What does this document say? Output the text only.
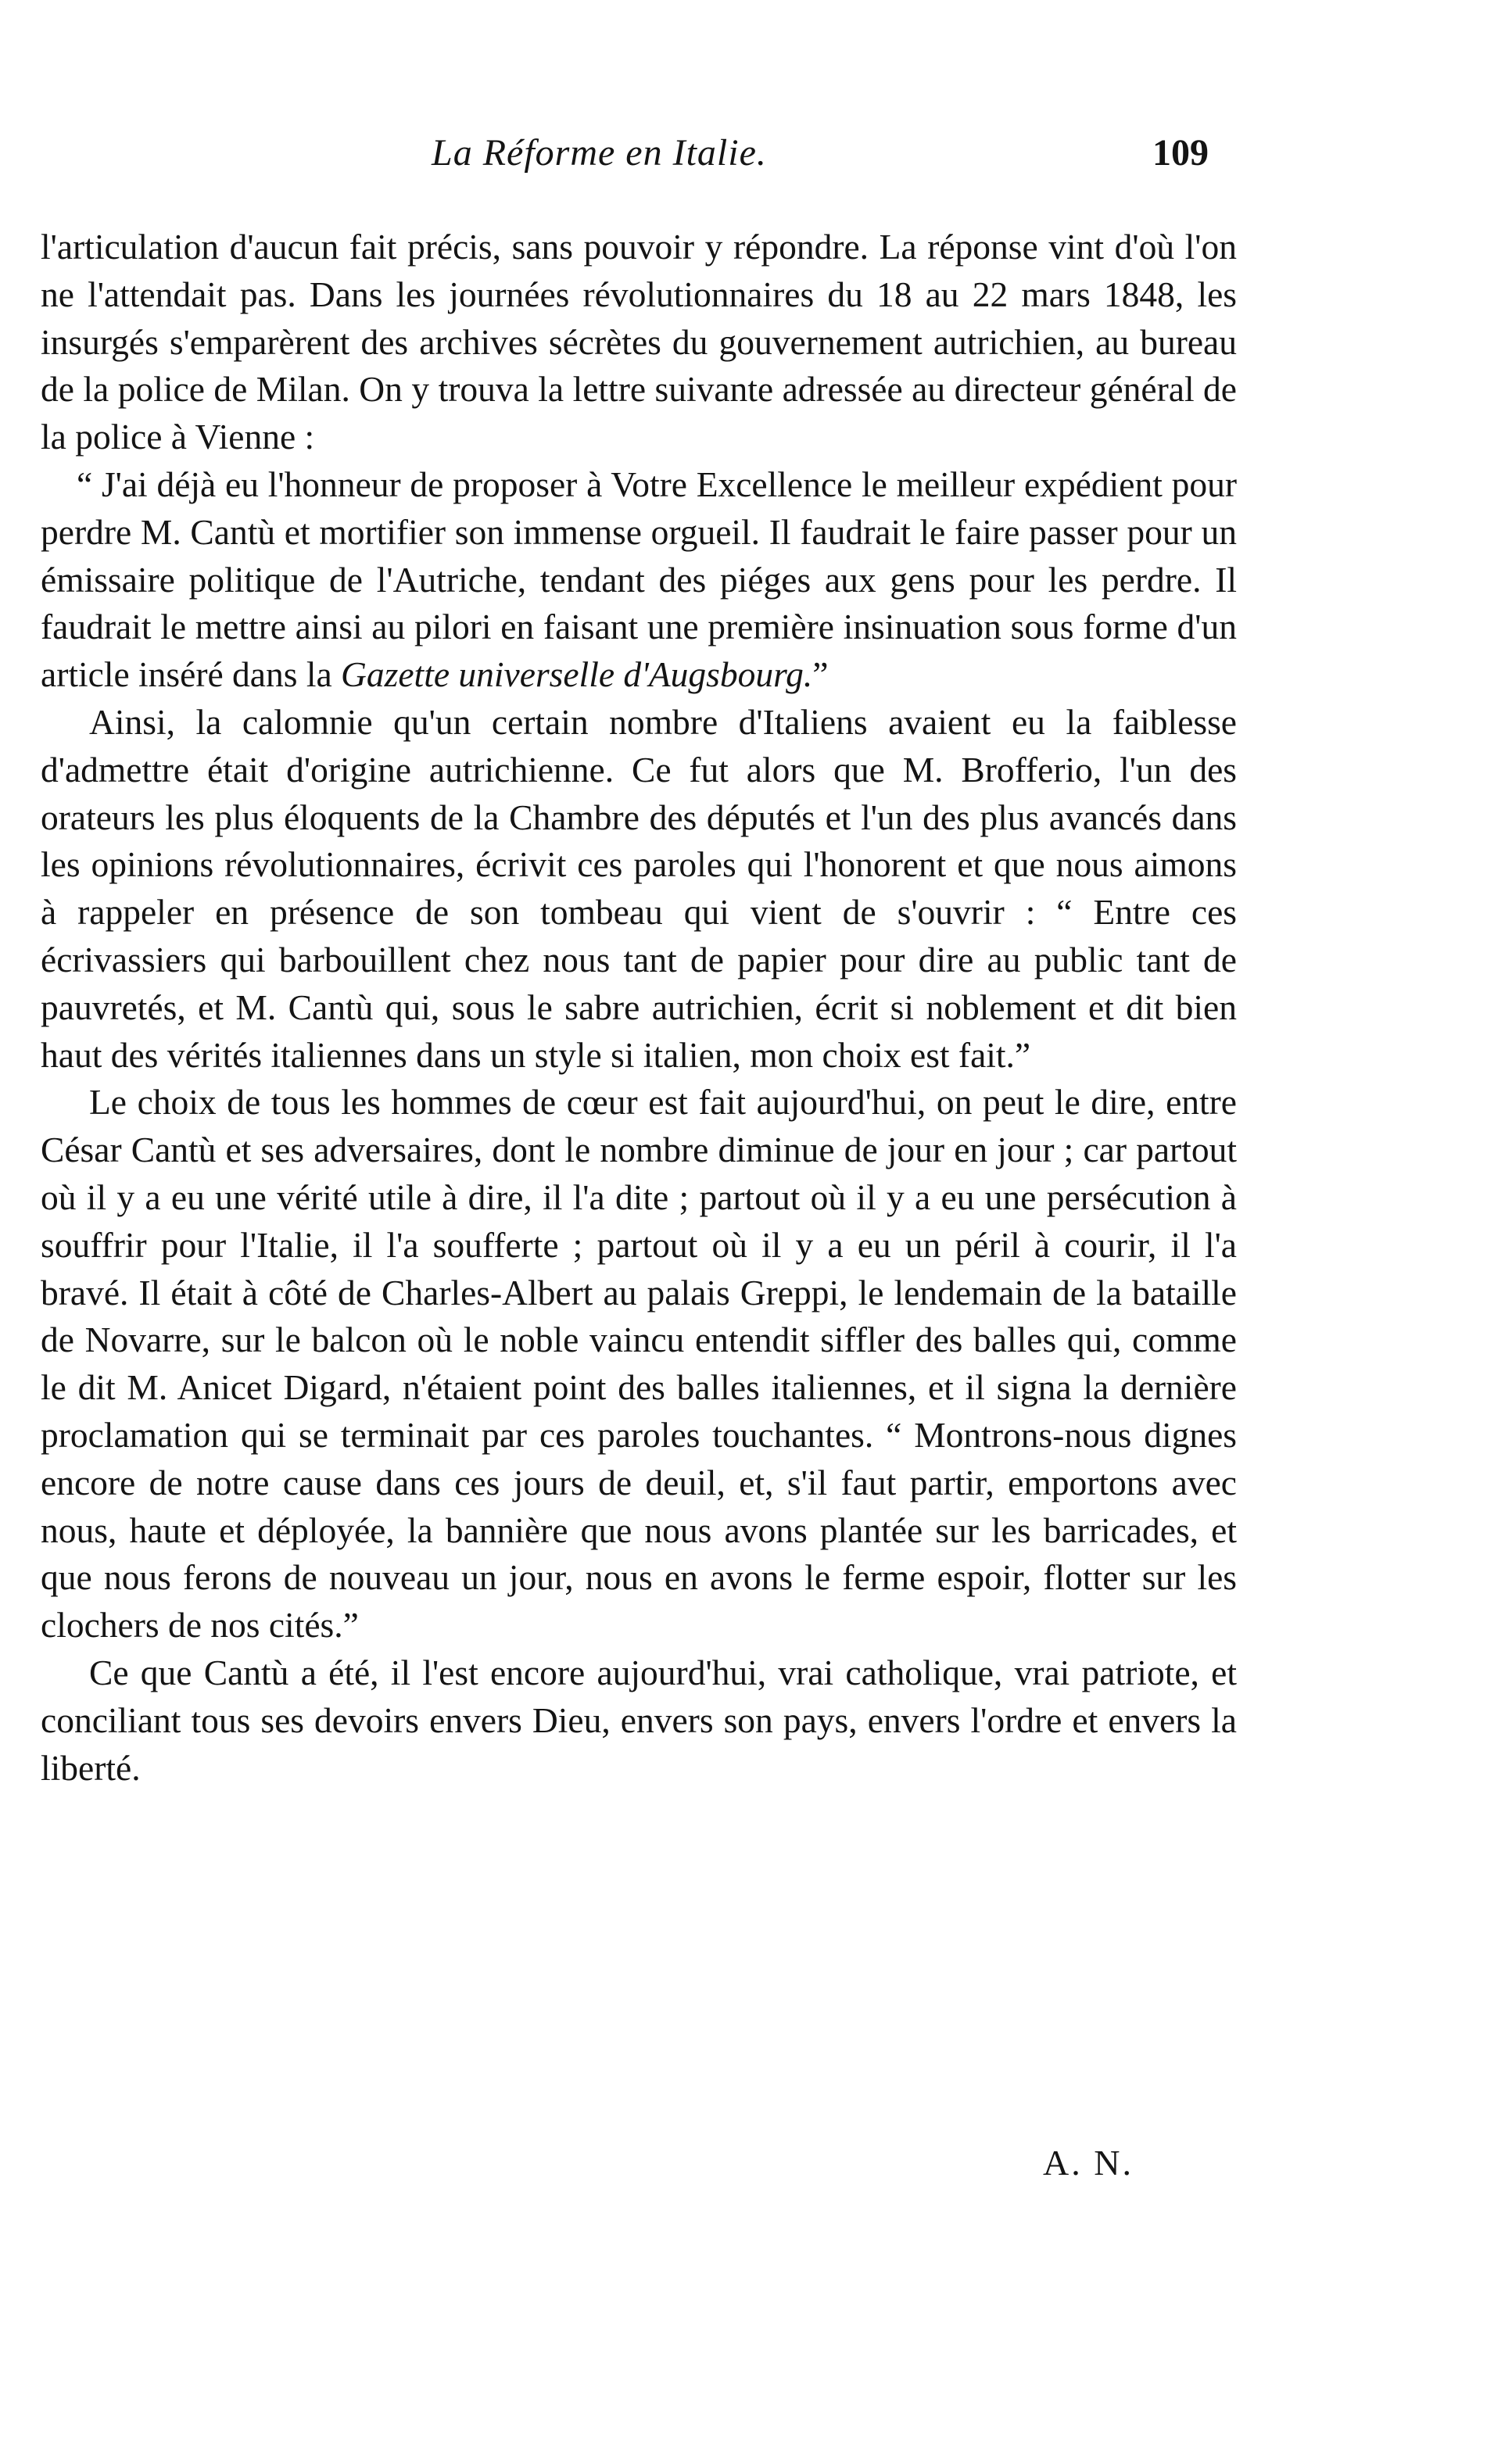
La Réforme en Italie.	109

l'articulation d'aucun fait précis, sans pouvoir y répondre. La réponse vint d'où l'on ne l'attendait pas. Dans les journées révolutionnaires du 18 au 22 mars 1848, les insurgés s'emparèrent des archives sécrètes du gouvernement autrichien, au bureau de la police de Milan. On y trouva la lettre suivante adressée au directeur général de la police à Vienne :

“ J'ai déjà eu l'honneur de proposer à Votre Excellence le meilleur expédient pour perdre M. Cantù et mortifier son immense orgueil. Il faudrait le faire passer pour un émissaire politique de l'Autriche, tendant des piéges aux gens pour les perdre. Il faudrait le mettre ainsi au pilori en faisant une première insinuation sous forme d'un article inséré dans la Gazette universelle d'Augsbourg.”

Ainsi, la calomnie qu'un certain nombre d'Italiens avaient eu la faiblesse d'admettre était d'origine autrichienne. Ce fut alors que M. Brofferio, l'un des orateurs les plus éloquents de la Chambre des députés et l'un des plus avancés dans les opinions révolutionnaires, écrivit ces paroles qui l'honorent et que nous aimons à rappeler en présence de son tombeau qui vient de s'ouvrir : “ Entre ces écrivassiers qui barbouillent chez nous tant de papier pour dire au public tant de pauvretés, et M. Cantù qui, sous le sabre autrichien, écrit si noblement et dit bien haut des vérités italiennes dans un style si italien, mon choix est fait.”

Le choix de tous les hommes de cœur est fait aujourd'hui, on peut le dire, entre César Cantù et ses adversaires, dont le nombre diminue de jour en jour ; car partout où il y a eu une vérité utile à dire, il l'a dite ; partout où il y a eu une persécution à souffrir pour l'Italie, il l'a soufferte ; partout où il y a eu un péril à courir, il l'a bravé. Il était à côté de Charles-Albert au palais Greppi, le lendemain de la bataille de Novarre, sur le balcon où le noble vaincu entendit siffler des balles qui, comme le dit M. Anicet Digard, n'étaient point des balles italiennes, et il signa la dernière proclamation qui se terminait par ces paroles touchantes. “ Montrons-nous dignes encore de notre cause dans ces jours de deuil, et, s'il faut partir, emportons avec nous, haute et déployée, la bannière que nous avons plantée sur les barricades, et que nous ferons de nouveau un jour, nous en avons le ferme espoir, flotter sur les clochers de nos cités.”

Ce que Cantù a été, il l'est encore aujourd'hui, vrai catholique, vrai patriote, et conciliant tous ses devoirs envers Dieu, envers son pays, envers l'ordre et envers la liberté.

A. N.
